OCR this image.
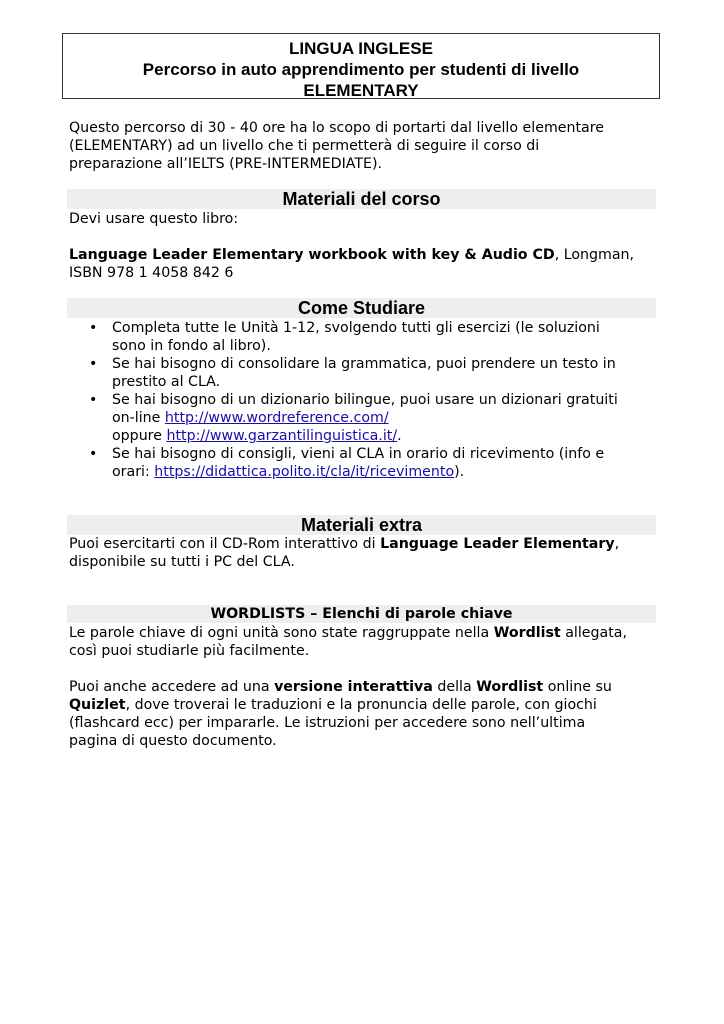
LINGUA INGLESE
Percorso in auto apprendimento per studenti di livello
ELEMENTARY
Questo percorso di 30 - 40 ore ha lo scopo di portarti dal livello elementare
(ELEMENTARY) ad un livello che ti permetterà di seguire il corso di
preparazione all’IELTS (PRE-INTERMEDIATE).
Materiali del corso
Devi usare questo libro:
Language Leader Elementary workbook with key & Audio CD, Longman,
ISBN 978 1 4058 842 6
Come Studiare
• Completa tutte le Unità 1-12, svolgendo tutti gli esercizi (le soluzioni
sono in fondo al libro).
• Se hai bisogno di consolidare la grammatica, puoi prendere un testo in
prestito al CLA.
• Se hai bisogno di un dizionario bilingue, puoi usare un dizionari gratuiti
on-line http://www.wordreference.com/
oppure http://www.garzantilinguistica.it/.
• Se hai bisogno di consigli, vieni al CLA in orario di ricevimento (info e
orari: https://didattica.polito.it/cla/it/ricevimento).
Materiali extra
Puoi esercitarti con il CD-Rom interattivo di Language Leader Elementary,
disponibile su tutti i PC del CLA.
WORDLISTS – Elenchi di parole chiave
Le parole chiave di ogni unità sono state raggruppate nella Wordlist allegata,
così puoi studiarle più facilmente.
Puoi anche accedere ad una versione interattiva della Wordlist online su
Quizlet, dove troverai le traduzioni e la pronuncia delle parole, con giochi
(flashcard ecc) per impararle. Le istruzioni per accedere sono nell’ultima
pagina di questo documento.
